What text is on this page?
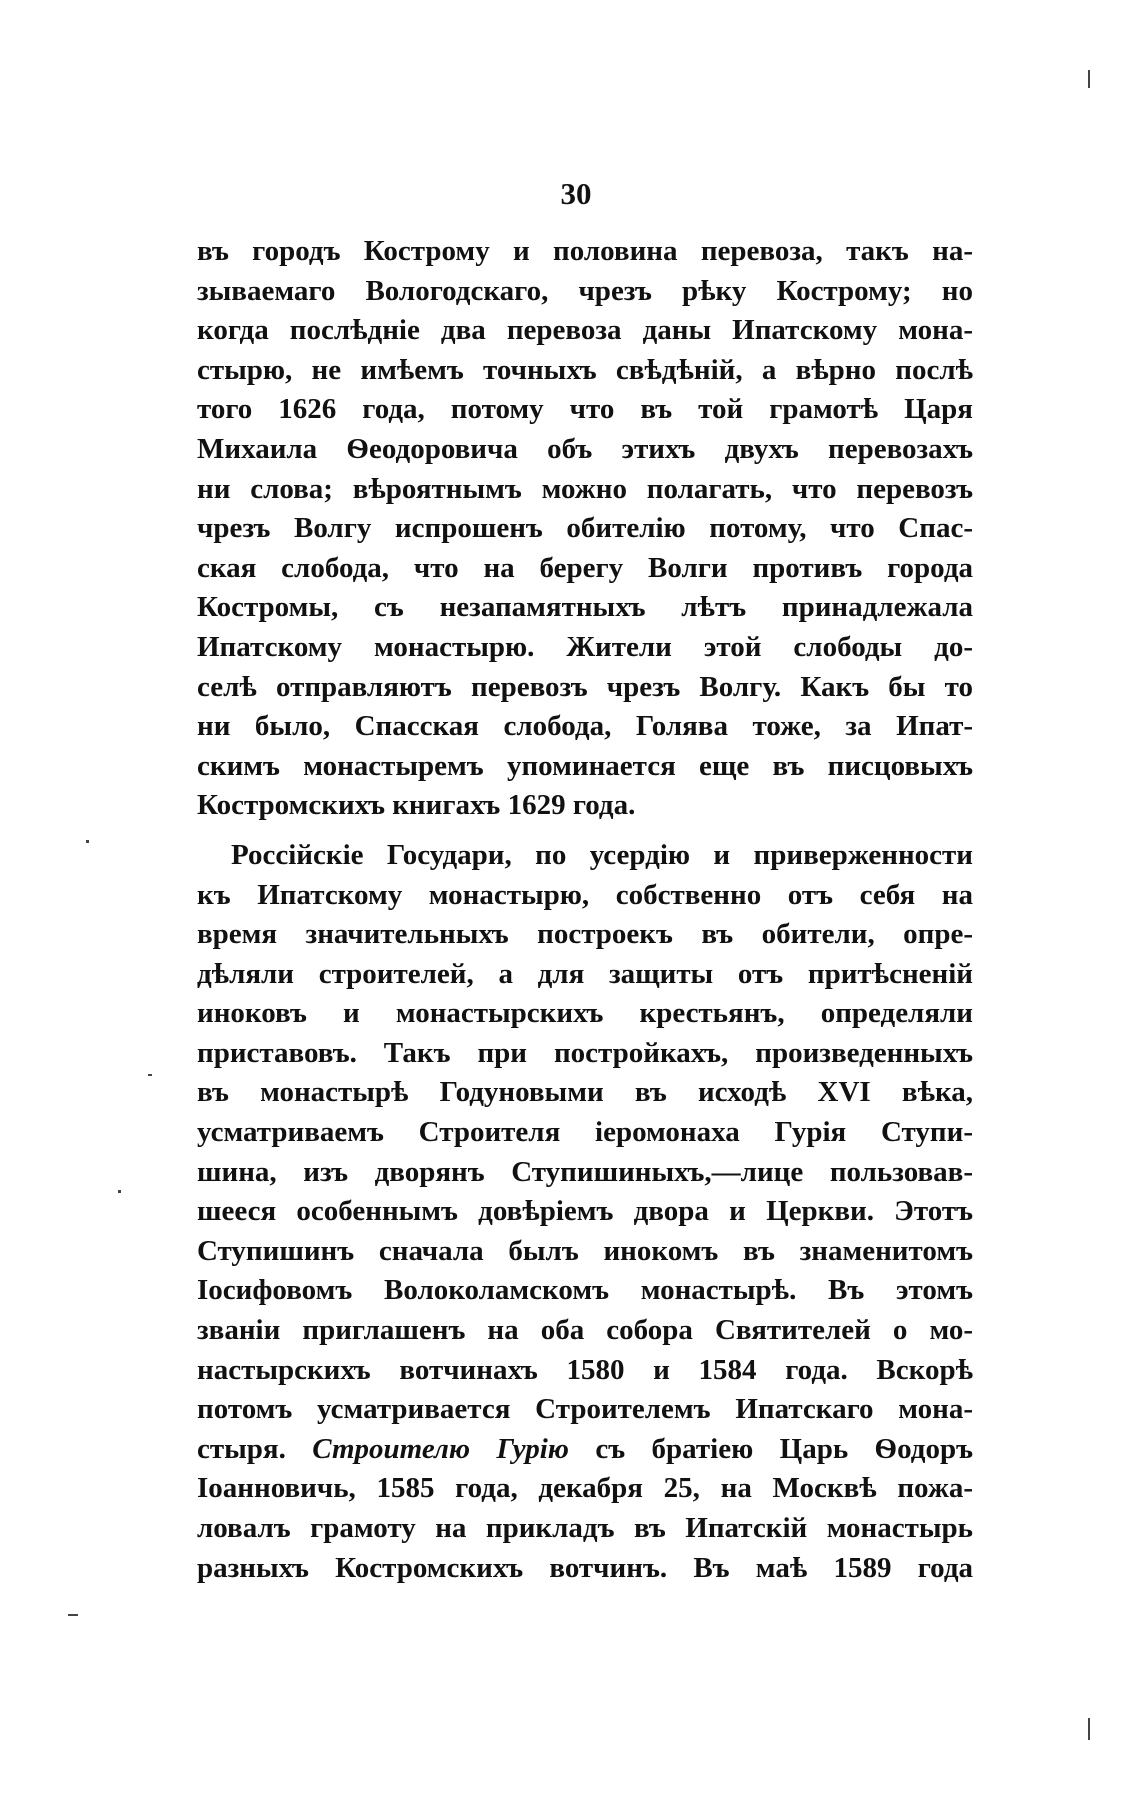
30
въ городъ Кострому и половина перевоза, такъ на-
зываемаго Вологодскаго, чрезъ рѣку Кострому; но
когда послѣдніе два перевоза даны Ипатскому мона-
стырю, не имѣемъ точныхъ свѣдѣній, а вѣрно послѣ
того 1626 года, потому что въ той грамотѣ Царя
Михаила Ѳеодоровича объ этихъ двухъ перевозахъ
ни слова; вѣроятнымъ можно полагать, что перевозъ
чрезъ Волгу испрошенъ обителію потому, что Спас-
ская слобода, что на берегу Волги противъ города
Костромы, съ незапамятныхъ лѣтъ принадлежала
Ипатскому монастырю. Жители этой слободы до-
селѣ отправляютъ перевозъ чрезъ Волгу. Какъ бы то
ни было, Спасская слобода, Голява тоже, за Ипат-
скимъ монастыремъ упоминается еще въ писцовыхъ
Костромскихъ книгахъ 1629 года.
Россійскіе Государи, по усердію и приверженности
къ Ипатскому монастырю, собственно отъ себя на
время значительныхъ построекъ въ обители, опре-
дѣляли строителей, а для защиты отъ притѣсненій
иноковъ и монастырскихъ крестьянъ, определяли
приставовъ. Такъ при постройкахъ, произведенныхъ
въ монастырѣ Годуновыми въ исходѣ XVI вѣка,
усматриваемъ Строителя іеромонаха Гурія Ступи-
шина, изъ дворянъ Ступишиныхъ,—лице пользовав-
шееся особеннымъ довѣріемъ двора и Церкви. Этотъ
Ступишинъ сначала былъ инокомъ въ знаменитомъ
Іосифовомъ Волоколамскомъ монастырѣ. Въ этомъ
званіи приглашенъ на оба собора Святителей о мо-
настырскихъ вотчинахъ 1580 и 1584 года. Вскорѣ
потомъ усматривается Строителемъ Ипатскаго мона-
стыря. Строителю Гурію съ братіею Царь Ѳодоръ
Іоанновичь, 1585 года, декабря 25, на Москвѣ пожа-
ловалъ грамоту на прикладъ въ Ипатскій монастырь
разныхъ Костромскихъ вотчинъ. Въ маѣ 1589 года
